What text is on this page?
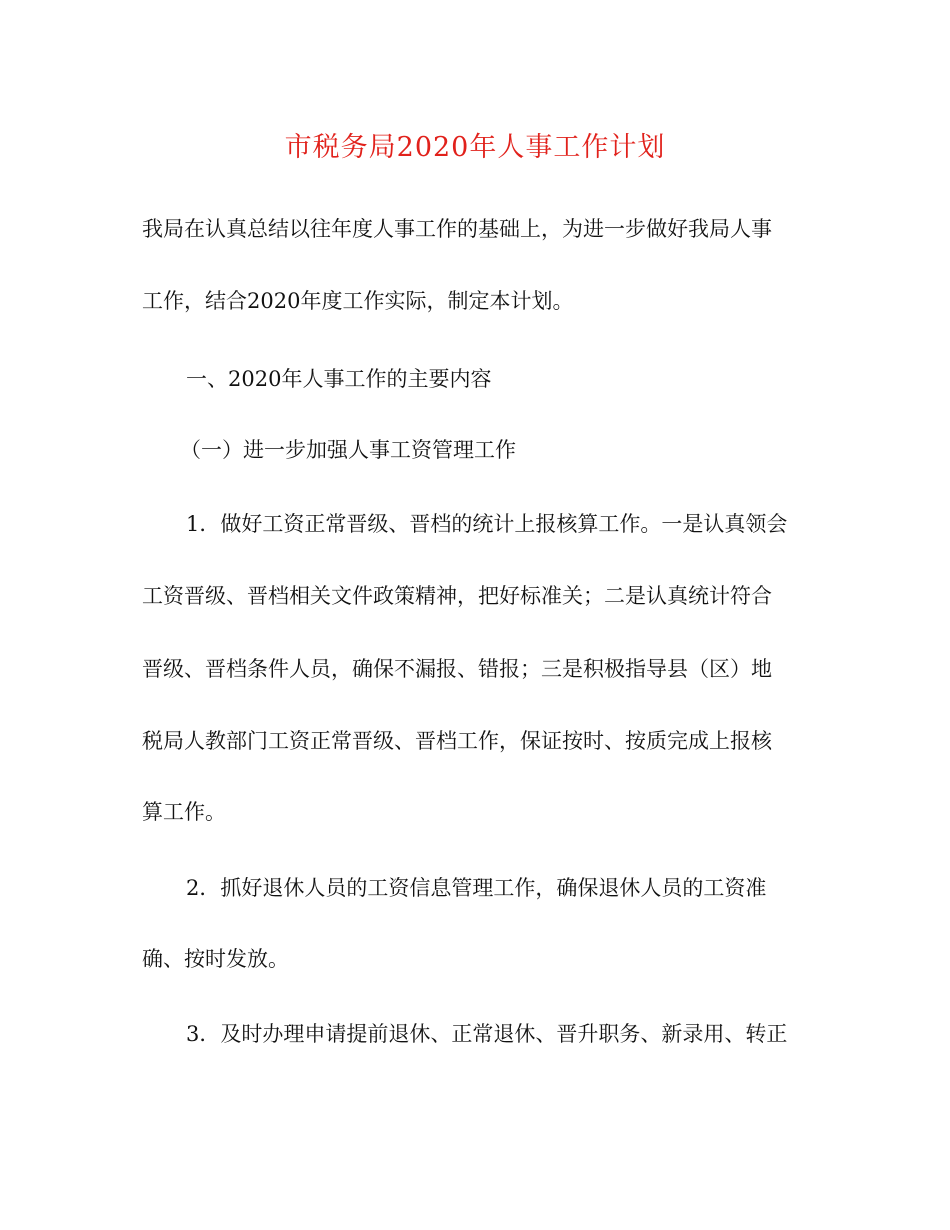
市税务局2020年人事工作计划
我局在认真总结以往年度人事工作的基础上，为进一步做好我局人事
工作，结合2020年度工作实际，制定本计划。
一、2020年人事工作的主要内容
（一）进一步加强人事工资管理工作
1．做好工资正常晋级、晋档的统计上报核算工作。一是认真领会
工资晋级、晋档相关文件政策精神，把好标准关；二是认真统计符合
晋级、晋档条件人员，确保不漏报、错报；三是积极指导县（区）地
税局人教部门工资正常晋级、晋档工作，保证按时、按质完成上报核
算工作。
2．抓好退休人员的工资信息管理工作，确保退休人员的工资准
确、按时发放。
3．及时办理申请提前退休、正常退休、晋升职务、新录用、转正
